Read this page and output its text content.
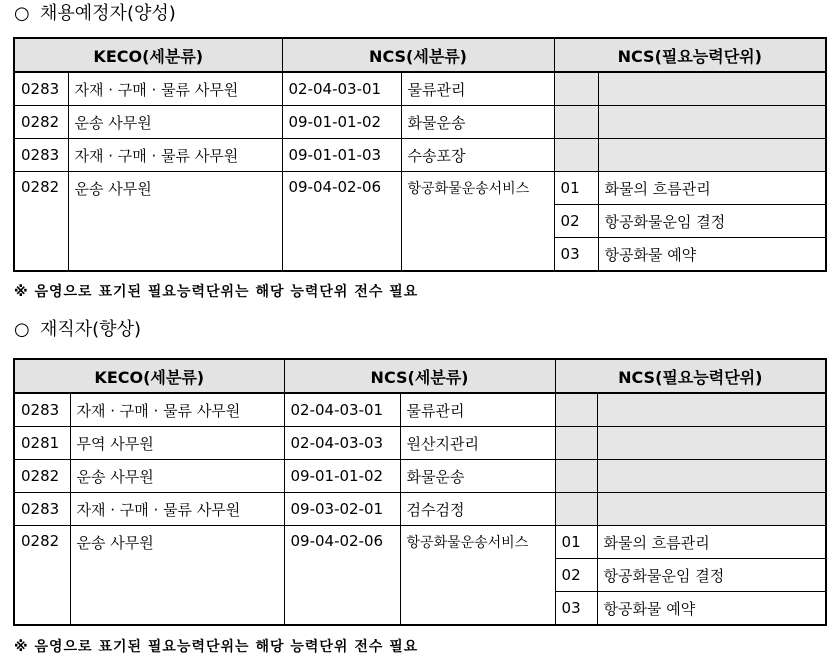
○ 채용예정자(양성)
KECO(세분류)		NCS(세분류)		NCS(필요능력단위)	
0283	자재 · 구매 · 물류 사무원	02-04-03-01	물류관리		
0282	운송 사무원	09-01-01-02	화물운송		
0283	자재 · 구매 · 물류 사무원	09-01-01-03	수송포장		
0282	운송 사무원	09-04-02-06	항공화물운송서비스	01	화물의 흐름관리
				02	항공화물운임 결정
				03	항공화물 예약
※ 음영으로 표기된 필요능력단위는 해당 능력단위 전수 필요
○ 재직자(향상)
KECO(세분류)		NCS(세분류)		NCS(필요능력단위)	
0283	자재 · 구매 · 물류 사무원	02-04-03-01	물류관리		
0281	무역 사무원	02-04-03-03	원산지관리		
0282	운송 사무원	09-01-01-02	화물운송		
0283	자재 · 구매 · 물류 사무원	09-03-02-01	검수검정		
0282	운송 사무원	09-04-02-06	항공화물운송서비스	01	화물의 흐름관리
				02	항공화물운임 결정
				03	항공화물 예약
※ 음영으로 표기된 필요능력단위는 해당 능력단위 전수 필요
